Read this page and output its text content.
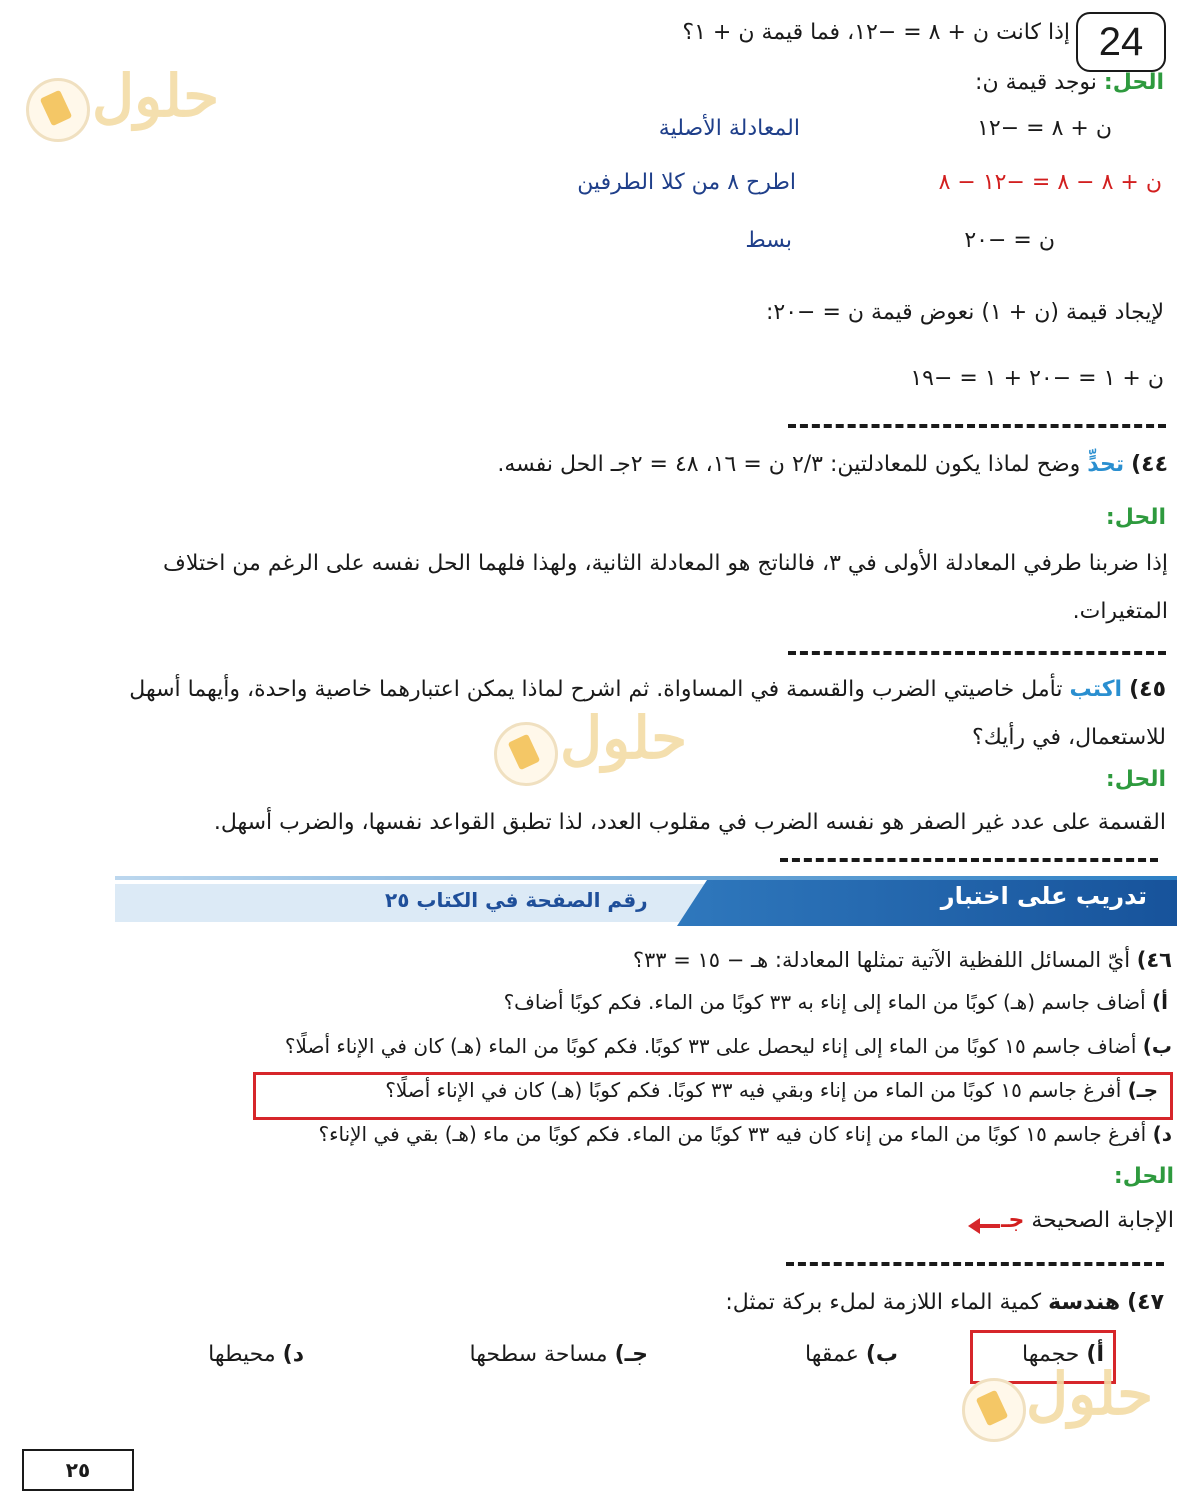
24
إذا كانت ن + ٨ = −١٢، فما قيمة ن + ١؟
الحل: نوجد قيمة ن:
ن + ٨ = −١٢
المعادلة الأصلية
ن + ٨ − ٨ = −١٢ − ٨
اطرح ٨ من كلا الطرفين
ن = −٢٠
بسط
لإيجاد قيمة (ن + ١) نعوض قيمة ن = −٢٠:
ن + ١ = −٢٠ + ١ = −١٩
٤٤) تحدٍّ وضح لماذا يكون للمعادلتين: ٢/٣ ن = ١٦، ٤٨ = ٢جـ الحل نفسه.
الحل:
إذا ضربنا طرفي المعادلة الأولى في ٣، فالناتج هو المعادلة الثانية، ولهذا فلهما الحل نفسه على الرغم من اختلاف المتغيرات.
٤٥) اكتب تأمل خاصيتي الضرب والقسمة في المساواة. ثم اشرح لماذا يمكن اعتبارهما خاصية واحدة، وأيهما أسهل للاستعمال، في رأيك؟
الحل:
القسمة على عدد غير الصفر هو نفسه الضرب في مقلوب العدد، لذا تطبق القواعد نفسها، والضرب أسهل.
تدريب على اختبار
رقم الصفحة في الكتاب ٢٥
٤٦) أيّ المسائل اللفظية الآتية تمثلها المعادلة: هـ − ١٥ = ٣٣؟
أ) أضاف جاسم (هـ) كوبًا من الماء إلى إناء به ٣٣ كوبًا من الماء. فكم كوبًا أضاف؟
ب) أضاف جاسم ١٥ كوبًا من الماء إلى إناء ليحصل على ٣٣ كوبًا. فكم كوبًا من الماء (هـ) كان في الإناء أصلًا؟
جـ) أفرغ جاسم ١٥ كوبًا من الماء من إناء وبقي فيه ٣٣ كوبًا. فكم كوبًا (هـ) كان في الإناء أصلًا؟
د) أفرغ جاسم ١٥ كوبًا من الماء من إناء كان فيه ٣٣ كوبًا من الماء. فكم كوبًا من ماء (هـ) بقي في الإناء؟
الحل:
الإجابة الصحيحة جـ
٤٧) هندسة كمية الماء اللازمة لملء بركة تمثل:
أ) حجمها
ب) عمقها
جـ) مساحة سطحها
د) محيطها
حلول
حلول
حلول
٢٥
